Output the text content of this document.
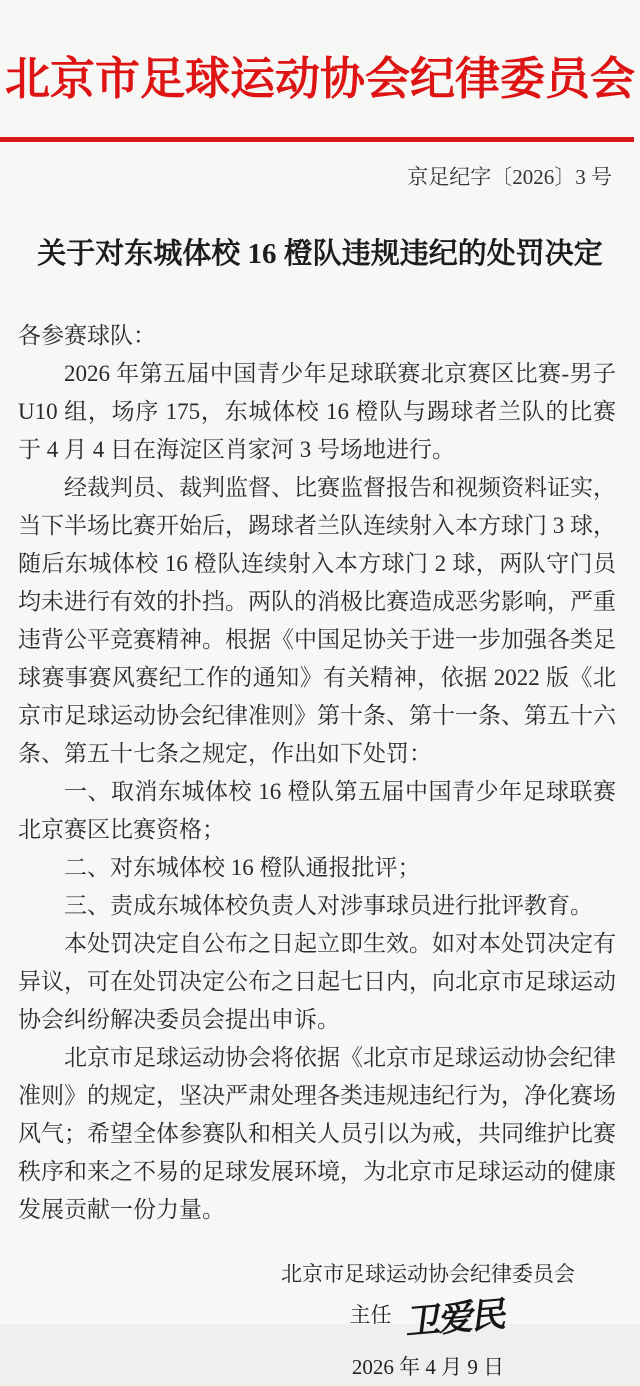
北京市足球运动协会纪律委员会
京足纪字〔2026〕3 号
关于对东城体校 16 橙队违规违纪的处罚决定

各参赛球队：

2026 年第五届中国青少年足球联赛北京赛区比赛-男子 U10 组，场序 175，东城体校 16 橙队与踢球者兰队的比赛于 4 月 4 日在海淀区肖家河 3 号场地进行。

经裁判员、裁判监督、比赛监督报告和视频资料证实，当下半场比赛开始后，踢球者兰队连续射入本方球门 3 球，随后东城体校 16 橙队连续射入本方球门 2 球，两队守门员均未进行有效的扑挡。两队的消极比赛造成恶劣影响，严重违背公平竞赛精神。根据《中国足协关于进一步加强各类足球赛事赛风赛纪工作的通知》有关精神，依据 2022 版《北京市足球运动协会纪律准则》第十条、第十一条、第五十六条、第五十七条之规定，作出如下处罚：

一、取消东城体校 16 橙队第五届中国青少年足球联赛北京赛区比赛资格；

二、对东城体校 16 橙队通报批评；

三、责成东城体校负责人对涉事球员进行批评教育。

本处罚决定自公布之日起立即生效。如对本处罚决定有异议，可在处罚决定公布之日起七日内，向北京市足球运动协会纠纷解决委员会提出申诉。

北京市足球运动协会将依据《北京市足球运动协会纪律准则》的规定，坚决严肃处理各类违规违纪行为，净化赛场风气；希望全体参赛队和相关人员引以为戒，共同维护比赛秩序和来之不易的足球发展环境，为北京市足球运动的健康发展贡献一份力量。

北京市足球运动协会纪律委员会
主任 卫爱民
2026 年 4 月 9 日
